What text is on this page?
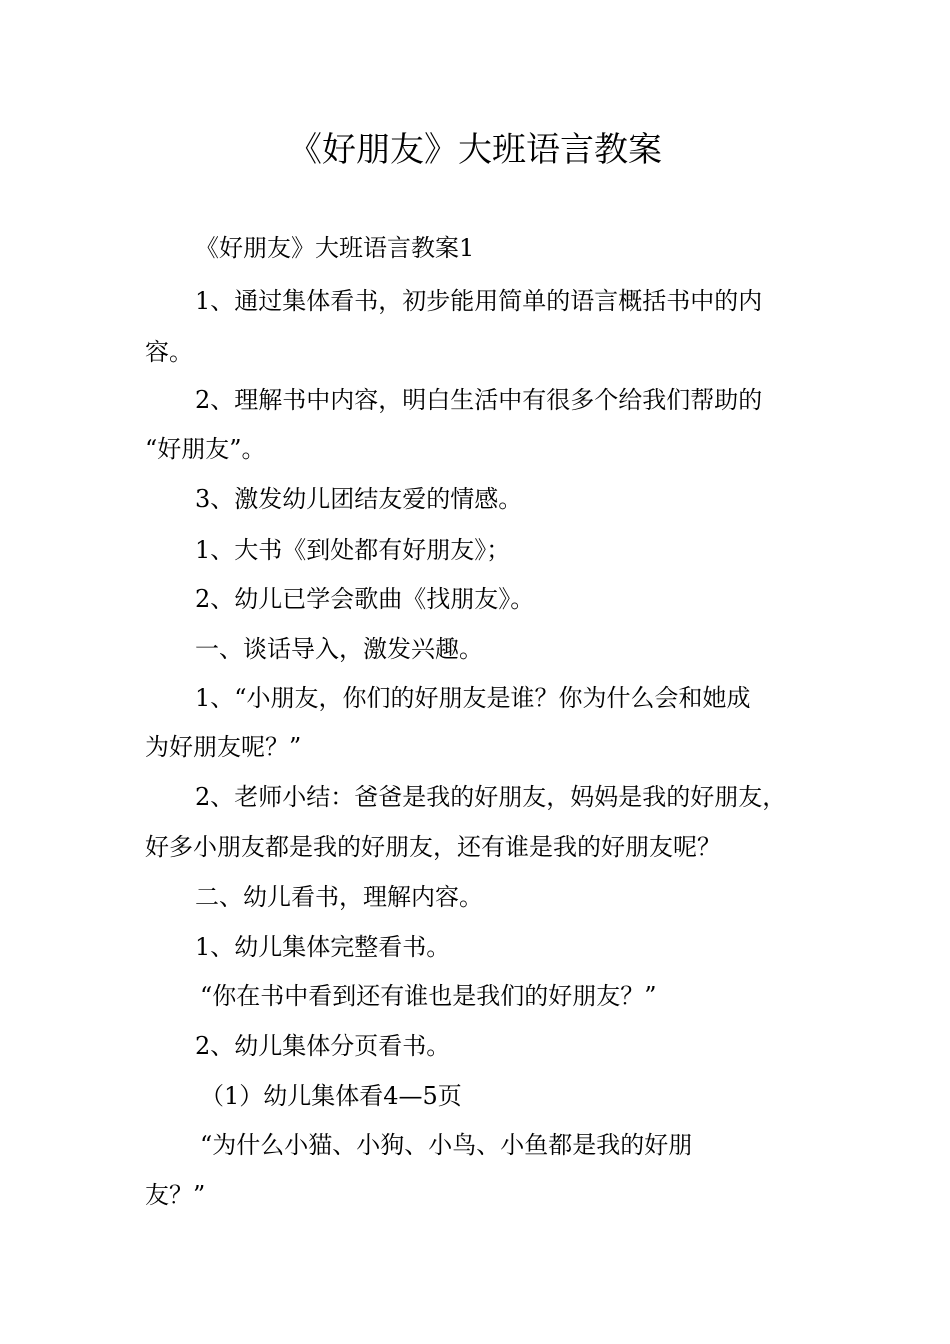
《好朋友》大班语言教案
《好朋友》大班语言教案1
1、通过集体看书，初步能用简单的语言概括书中的内
容。
2、理解书中内容，明白生活中有很多个给我们帮助的
“好朋友”。
3、激发幼儿团结友爱的情感。
1、大书《到处都有好朋友》；
2、幼儿已学会歌曲《找朋友》。
一、谈话导入，激发兴趣。
1、“小朋友，你们的好朋友是谁？你为什么会和她成
为好朋友呢？”
2、老师小结：爸爸是我的好朋友，妈妈是我的好朋友，
好多小朋友都是我的好朋友，还有谁是我的好朋友呢？
二、幼儿看书，理解内容。
1、幼儿集体完整看书。
“你在书中看到还有谁也是我们的好朋友？”
2、幼儿集体分页看书。
（1）幼儿集体看4—5页
“为什么小猫、小狗、小鸟、小鱼都是我的好朋
友？”
